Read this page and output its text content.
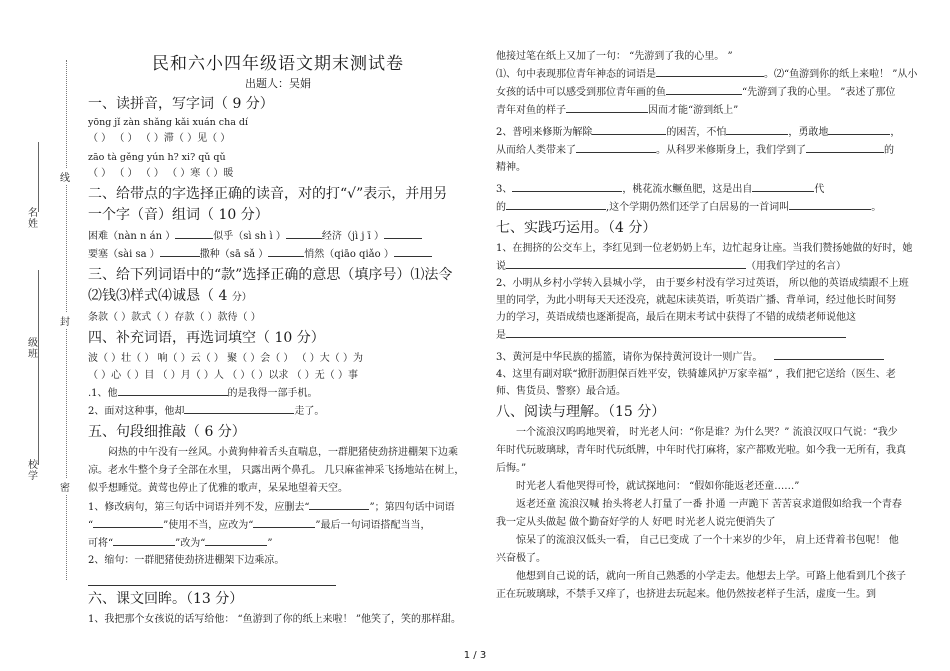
线
封
密
名姓
级班
校学
民和六小四年级语文期末测试卷
出题人：吴娟
一、读拼音，写字词（ 9 分）
yōng jǐ zàn shǎng kǎi xuán cha dí
（ ） （ ） （ ）滞（ ）见（ ）
zāo tà gěng yún h? xi? qǔ qǔ
（ ） （ ） （ ） （ ）寒（ ）暖
二、给带点的字选择正确的读音，对的打“√”表示，并用另
一个字（音）组词（ 10 分）
困难（nàn n án ）	似乎（sì sh ì ）	经济（jì j ī ）
要塞（sài sa ）	撒种（sā sǎ ）	悄然（qiāo qiǎo ）
三、给下列词语中的“款”选择正确的意思（填序号）⑴法令
⑵钱⑶样式⑷诚恳（ 4 分）
条款（ ）款式（ ）存款（ ）款待（ ）
四、补充词语，再选词填空（ 10 分）
波（ ）壮（ ） 响（ ）云（ ） 聚（ ）会（ ） （ ）大（ ）为
（ ）心（ ）目 （ ）月（ ）人 （ ）（ ）以求 （ ）无（ ）事
.1、他	的是我得一部手机。
2、面对这种事，他却	走了。
五、句段细推敲（ 6 分）
闷热的中午没有一丝风。小黄狗伸着舌头直喘息，一群肥猪使劲挤进棚架下边乘凉。老水牛整个身子全部在水里， 只露出两个鼻孔。 几只麻雀神采飞扬地站在树上，似乎想睡觉。黄莺也停止了优雅的歌声，呆呆地望着天空。
1、修改病句，第三句话中词语并列不发，应删去“	”；第四句话中词语
“	”使用不当，应改为“	”最后一句词语搭配当当，
可将“	”改为“	”
2、缩句：一群肥猪使劲挤进棚架下边乘凉。
六、课文回眸。（13 分）
1、我把那个女孩说的话写给他： “鱼游到了你的纸上来啦！ ”他笑了，笑的那样甜。
他接过笔在纸上又加了一句： “先游到了我的心里。 ”
⑴、句中表现那位青年神态的词语是	。⑵“鱼游到你的纸上来啦！ ”从小
女孩的话中可以感受到那位青年画的鱼	“先游到了我的心里。 ”表述了那位
青年对鱼的样子	因而才能“游到纸上”
2、普吲来修斯为解除	的困苦，不怕	，勇敢地	，
从而给人类带来了	。从科罗米修斯身上，我们学到了	的
精神。
3、	，桃花流水鳜鱼肥，这是出自	代
的	,这个学期仍然们还学了白居易的一首词叫	。
七、实践巧运用。（4 分）
1、在拥挤的公交车上，李红见到一位老奶奶上车，边忙起身让座。当我们赞扬她做的好时，她
说	（用我们学过的名言）
2、小明从乡村小学转入县城小学， 由于要乡村没有学习过英语， 所以他的英语成绩跟不上班
里的同学，为此小明每天天还没亮，就起床读英语，听英语广播、背单词，经过他长时间努
力的学习，英语成绩也逐渐提高，最后在期末考试中获得了不错的成绩老师说他这
是
3、黄河是中华民族的摇篮，请你为保持黄河设计一则广告。
4、这里有副对联“掀肝沥胆保百姓平安，铁骑雄风护万家幸福” ，我们把它送给（医生、老
师、售货员、警察）最合适。
八、阅读与理解。（15 分）
一个流浪汉呜呜地哭着， 时光老人问：“你是谁？为什么哭？” 流浪汉叹口气说：“我少年时代玩玻璃球，青年时代玩纸牌，中年时代打麻将，家产都败光啦。如今我一无所有，我真后悔。”
时光老人看他哭得可怜，就试探地问： “假如你能返老还童……”
返老还童 流浪汉喊 抬头将老人打量了一番 扑通 一声跪下 苦苦哀求道假如给我一个青春 我一定从头做起 做个勤奋好学的人 好吧 时光老人说完便消失了
惊呆了的流浪汉低头一看， 自己已变成 了一个十来岁的少年， 肩上还背着书包呢！ 他兴奋极了。
他想到自己说的话，就向一所自己熟悉的小学走去。他想去上学。可路上他看到几个孩子正在玩玻璃球，不禁手又痒了，也挤进去玩起来。他仍然按老样子生活，虚度一生。到
1 / 3
